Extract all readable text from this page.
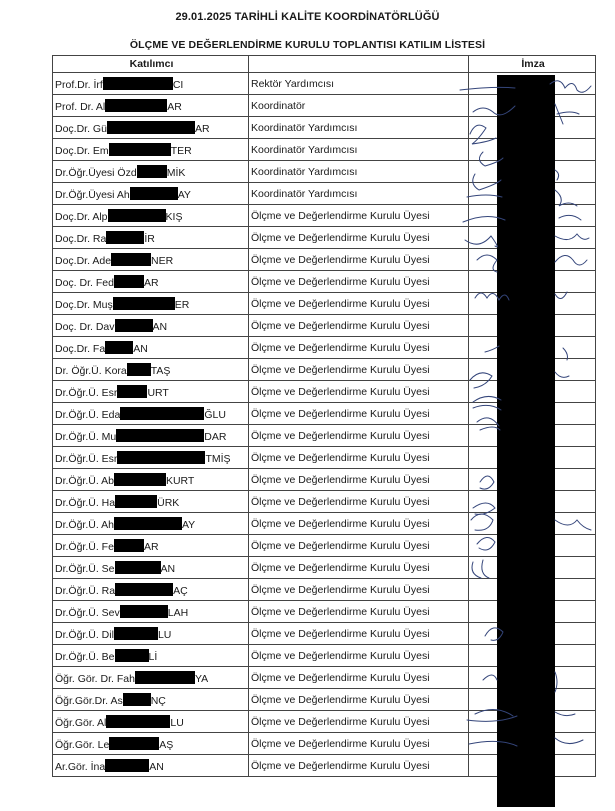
29.01.2025 TARİHLİ KALİTE KOORDİNATÖRLÜĞÜ
ÖLÇME VE DEĞERLENDİRME KURULU TOPLANTISI KATILIM LİSTESİ
Katılımcı		İmza
Prof.Dr. İrf CI	Rektör Yardımcısı	
Prof. Dr. Al AR	Koordinatör	
Doç.Dr. Gü AR	Koordinatör Yardımcısı	
Doç.Dr. Em TER	Koordinatör Yardımcısı	
Dr.Öğr.Üyesi Özd MİK	Koordinatör Yardımcısı	
Dr.Öğr.Üyesi Ah AY	Koordinatör Yardımcısı	
Doç.Dr. Alp KIŞ	Ölçme ve Değerlendirme Kurulu Üyesi	
Doç.Dr. Ra İR	Ölçme ve Değerlendirme Kurulu Üyesi	
Doç.Dr. Ade NER	Ölçme ve Değerlendirme Kurulu Üyesi	
Doç. Dr. Fed AR	Ölçme ve Değerlendirme Kurulu Üyesi	
Doç.Dr. Muş ER	Ölçme ve Değerlendirme Kurulu Üyesi	
Doç. Dr. Dav AN	Ölçme ve Değerlendirme Kurulu Üyesi	
Doç.Dr. Fa AN	Ölçme ve Değerlendirme Kurulu Üyesi	
Dr. Öğr.Ü. Kora TAŞ	Ölçme ve Değerlendirme Kurulu Üyesi	
Dr.Öğr.Ü. Esr URT	Ölçme ve Değerlendirme Kurulu Üyesi	
Dr.Öğr.Ü. Eda ĞLU	Ölçme ve Değerlendirme Kurulu Üyesi	
Dr.Öğr.Ü. Mu DAR	Ölçme ve Değerlendirme Kurulu Üyesi	
Dr.Öğr.Ü. Esr TMİŞ	Ölçme ve Değerlendirme Kurulu Üyesi	
Dr.Öğr.Ü. Ab KURT	Ölçme ve Değerlendirme Kurulu Üyesi	
Dr.Öğr.Ü. Ha ÜRK	Ölçme ve Değerlendirme Kurulu Üyesi	
Dr.Öğr.Ü. Ah AY	Ölçme ve Değerlendirme Kurulu Üyesi	
Dr.Öğr.Ü. Fe AR	Ölçme ve Değerlendirme Kurulu Üyesi	
Dr.Öğr.Ü. Se AN	Ölçme ve Değerlendirme Kurulu Üyesi	
Dr.Öğr.Ü. Ra AÇ	Ölçme ve Değerlendirme Kurulu Üyesi	
Dr.Öğr.Ü. Sev LAH	Ölçme ve Değerlendirme Kurulu Üyesi	
Dr.Öğr.Ü. Dil LU	Ölçme ve Değerlendirme Kurulu Üyesi	
Dr.Öğr.Ü. Be Lİ	Ölçme ve Değerlendirme Kurulu Üyesi	
Öğr. Gör. Dr. Fah YA	Ölçme ve Değerlendirme Kurulu Üyesi	
Öğr.Gör.Dr. As NÇ	Ölçme ve Değerlendirme Kurulu Üyesi	
Öğr.Gör. Al LU	Ölçme ve Değerlendirme Kurulu Üyesi	
Öğr.Gör. Le AŞ	Ölçme ve Değerlendirme Kurulu Üyesi	
Ar.Gör. İna AN	Ölçme ve Değerlendirme Kurulu Üyesi	
